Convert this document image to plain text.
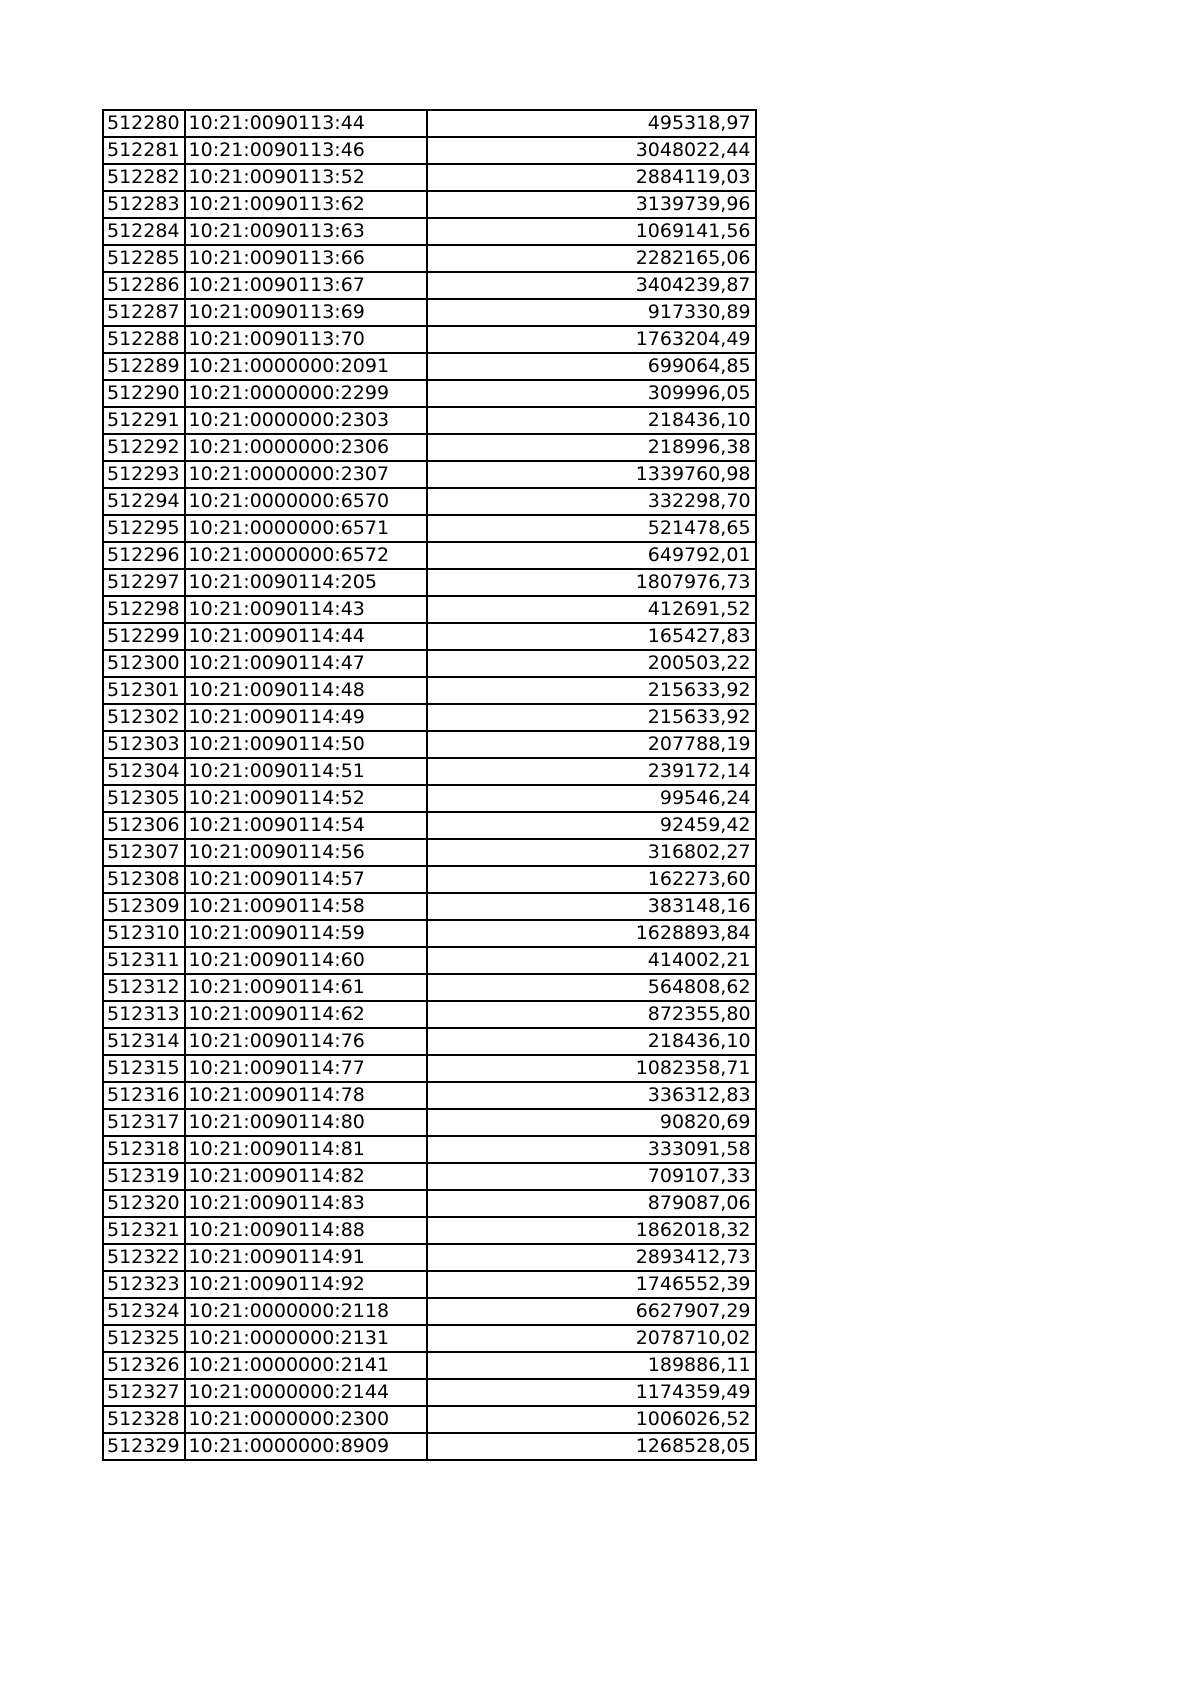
512280	10:21:0090113:44	495318,97
512281	10:21:0090113:46	3048022,44
512282	10:21:0090113:52	2884119,03
512283	10:21:0090113:62	3139739,96
512284	10:21:0090113:63	1069141,56
512285	10:21:0090113:66	2282165,06
512286	10:21:0090113:67	3404239,87
512287	10:21:0090113:69	917330,89
512288	10:21:0090113:70	1763204,49
512289	10:21:0000000:2091	699064,85
512290	10:21:0000000:2299	309996,05
512291	10:21:0000000:2303	218436,10
512292	10:21:0000000:2306	218996,38
512293	10:21:0000000:2307	1339760,98
512294	10:21:0000000:6570	332298,70
512295	10:21:0000000:6571	521478,65
512296	10:21:0000000:6572	649792,01
512297	10:21:0090114:205	1807976,73
512298	10:21:0090114:43	412691,52
512299	10:21:0090114:44	165427,83
512300	10:21:0090114:47	200503,22
512301	10:21:0090114:48	215633,92
512302	10:21:0090114:49	215633,92
512303	10:21:0090114:50	207788,19
512304	10:21:0090114:51	239172,14
512305	10:21:0090114:52	99546,24
512306	10:21:0090114:54	92459,42
512307	10:21:0090114:56	316802,27
512308	10:21:0090114:57	162273,60
512309	10:21:0090114:58	383148,16
512310	10:21:0090114:59	1628893,84
512311	10:21:0090114:60	414002,21
512312	10:21:0090114:61	564808,62
512313	10:21:0090114:62	872355,80
512314	10:21:0090114:76	218436,10
512315	10:21:0090114:77	1082358,71
512316	10:21:0090114:78	336312,83
512317	10:21:0090114:80	90820,69
512318	10:21:0090114:81	333091,58
512319	10:21:0090114:82	709107,33
512320	10:21:0090114:83	879087,06
512321	10:21:0090114:88	1862018,32
512322	10:21:0090114:91	2893412,73
512323	10:21:0090114:92	1746552,39
512324	10:21:0000000:2118	6627907,29
512325	10:21:0000000:2131	2078710,02
512326	10:21:0000000:2141	189886,11
512327	10:21:0000000:2144	1174359,49
512328	10:21:0000000:2300	1006026,52
512329	10:21:0000000:8909	1268528,05
